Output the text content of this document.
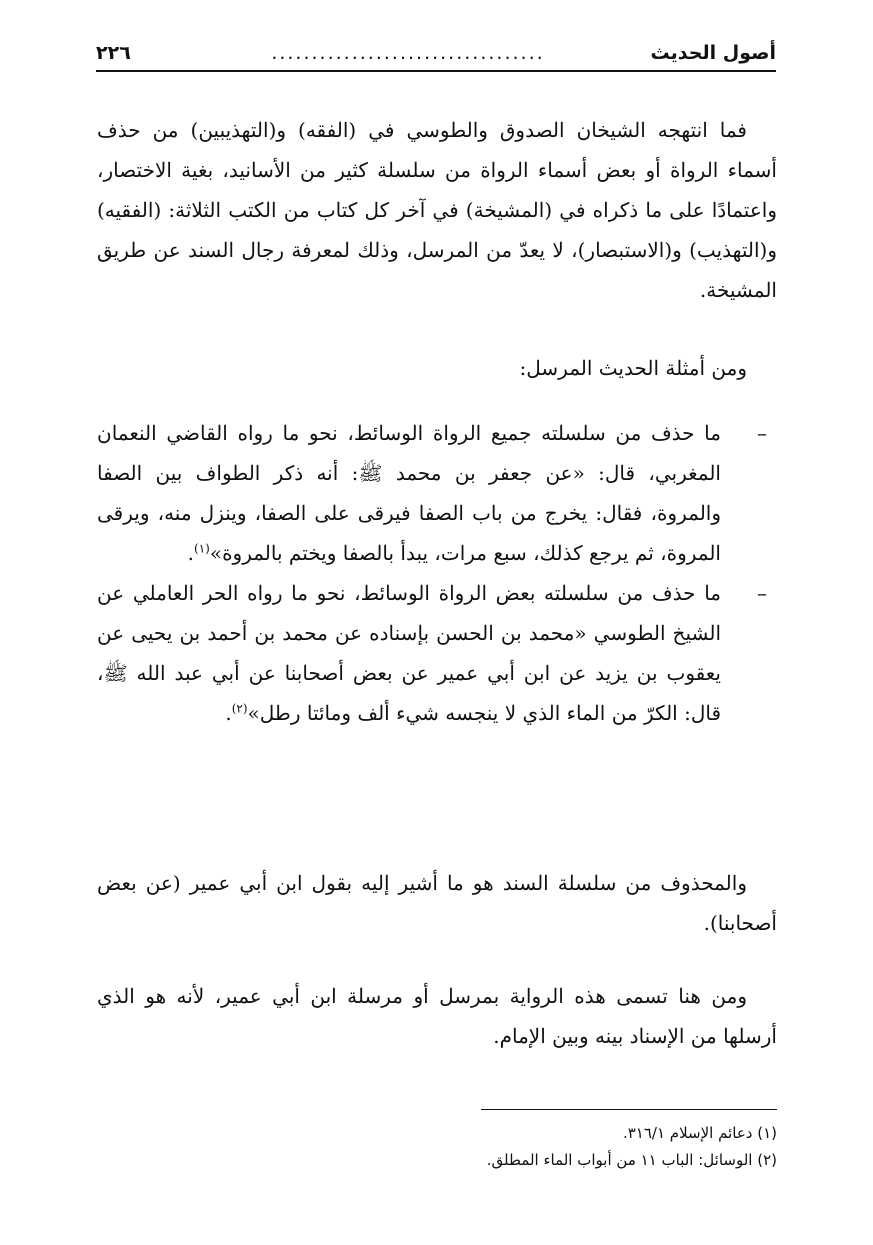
أصول الحديث
..................................
٢٢٦

فما انتهجه الشيخان الصدوق والطوسي في (الفقه) و(التهذيبين) من حذف أسماء الرواة أو بعض أسماء الرواة من سلسلة كثير من الأسانيد، بغية الاختصار، واعتمادًا على ما ذكراه في (المشيخة) في آخر كل كتاب من الكتب الثلاثة: (الفقيه) و(التهذيب) و(الاستبصار)، لا يعدّ من المرسل، وذلك لمعرفة رجال السند عن طريق المشيخة.

ومن أمثلة الحديث المرسل:

–
ما حذف من سلسلته جميع الرواة الوسائط، نحو ما رواه القاضي النعمان المغربي، قال: «عن جعفر بن محمد ﷺ: أنه ذكر الطواف بين الصفا والمروة، فقال: يخرج من باب الصفا فيرقى على الصفا، وينزل منه، ويرقى المروة، ثم يرجع كذلك، سبع مرات، يبدأ بالصفا ويختم بالمروة»$^{(١)}$.
–
ما حذف من سلسلته بعض الرواة الوسائط، نحو ما رواه الحر العاملي عن الشيخ الطوسي «محمد بن الحسن بإسناده عن محمد بن أحمد بن يحيى عن يعقوب بن يزيد عن ابن أبي عمير عن بعض أصحابنا عن أبي عبد الله ﷺ، قال: الكرّ من الماء الذي لا ينجسه شيء ألف ومائتا رطل»$^{(٢)}$.

والمحذوف من سلسلة السند هو ما أشير إليه بقول ابن أبي عمير (عن بعض أصحابنا).

ومن هنا تسمى هذه الرواية بمرسل أو مرسلة ابن أبي عمير، لأنه هو الذي أرسلها من الإسناد بينه وبين الإمام.

(١) دعائم الإسلام ٣١٦/١.
(٢) الوسائل: الباب ١١ من أبواب الماء المطلق.
